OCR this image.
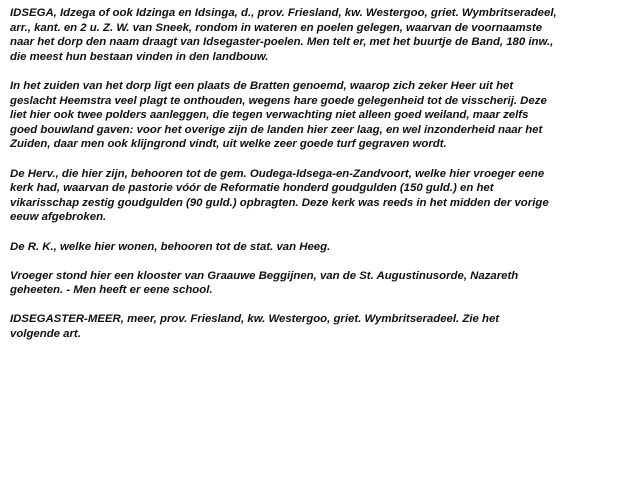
IDSEGA, Idzega of ook Idzinga en Idsinga, d., prov. Friesland, kw. Westergoo, griet. Wymbritseradeel,
arr., kant. en 2 u. Z. W. van Sneek, rondom in wateren en poelen gelegen, waarvan de voornaamste
naar het dorp den naam draagt van Idsegaster-poelen. Men telt er, met het buurtje de Band, 180 inw.,
die meest hun bestaan vinden in den landbouw.
In het zuiden van het dorp ligt een plaats de Bratten genoemd, waarop zich zeker Heer uit het
geslacht Heemstra veel plagt te onthouden, wegens hare goede gelegenheid tot de visscherij. Deze
liet hier ook twee polders aanleggen, die tegen verwachting niet alleen goed weiland, maar zelfs
goed bouwland gaven: voor het overige zijn de landen hier zeer laag, en wel inzonderheid naar het
Zuiden, daar men ook klijngrond vindt, uit welke zeer goede turf gegraven wordt.
De Herv., die hier zijn, behooren tot de gem. Oudega-Idsega-en-Zandvoort, welke hier vroeger eene
kerk had, waarvan de pastorie vóór de Reformatie honderd goudgulden (150 guld.) en het
vikarisschap zestig goudgulden (90 guld.) opbragten. Deze kerk was reeds in het midden der vorige
eeuw afgebroken.
De R. K., welke hier wonen, behooren tot de stat. van Heeg.
Vroeger stond hier een klooster van Graauwe Beggijnen, van de St. Augustinusorde, Nazareth
geheeten. - Men heeft er eene school.
IDSEGASTER-MEER, meer, prov. Friesland, kw. Westergoo, griet. Wymbritseradeel. Zie het
volgende art.
